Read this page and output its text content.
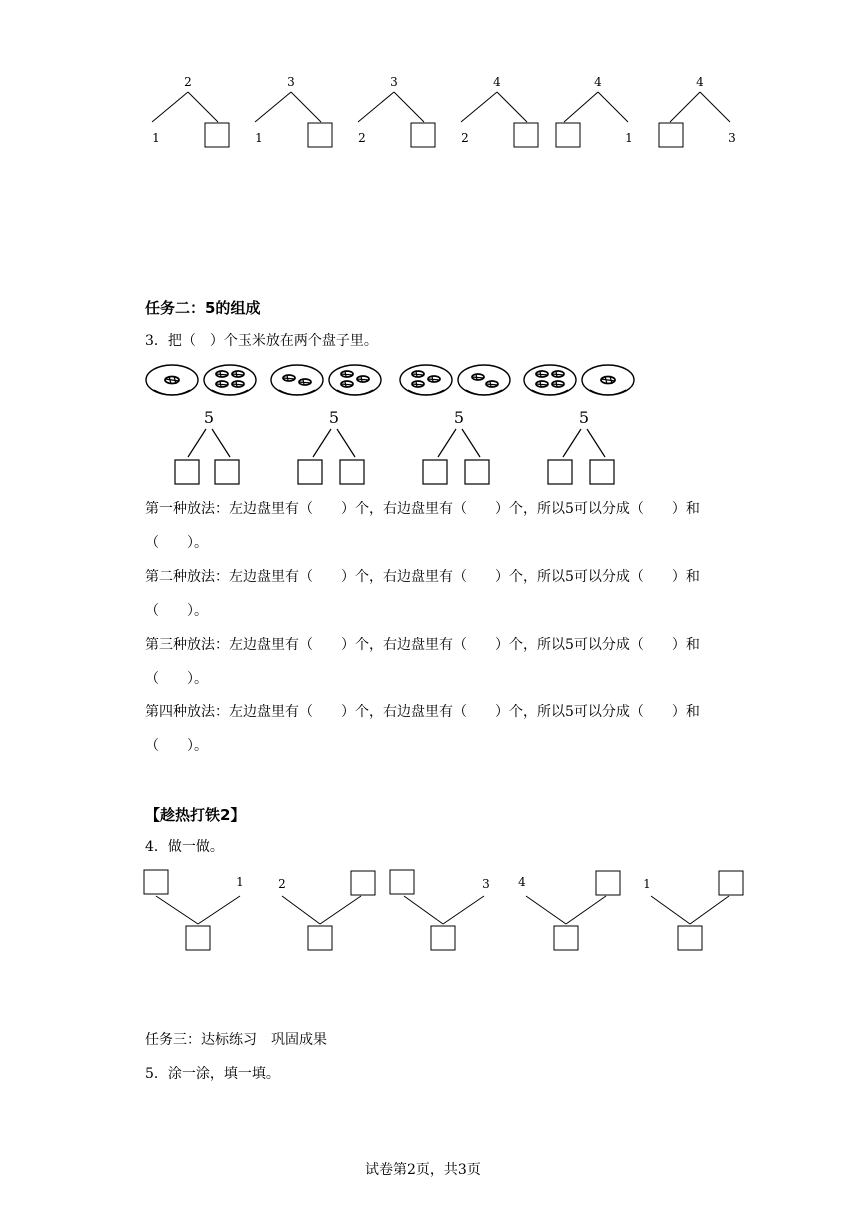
2
1
3
1
3
2
4
2
4
1
4
3
任务二：5的组成
3．把（　）个玉米放在两个盘子里。
5	5	5	5
第一种放法：左边盘里有（　　）个，右边盘里有（　　）个，所以5可以分成（　　）和
（　　）。
第二种放法：左边盘里有（　　）个，右边盘里有（　　）个，所以5可以分成（　　）和
（　　）。
第三种放法：左边盘里有（　　）个，右边盘里有（　　）个，所以5可以分成（　　）和
（　　）。
第四种放法：左边盘里有（　　）个，右边盘里有（　　）个，所以5可以分成（　　）和
（　　）。
【趁热打铁2】
4．做一做。
1	2	3 4	1
任务三：达标练习　巩固成果
5．涂一涂，填一填。
试卷第2页，共3页
